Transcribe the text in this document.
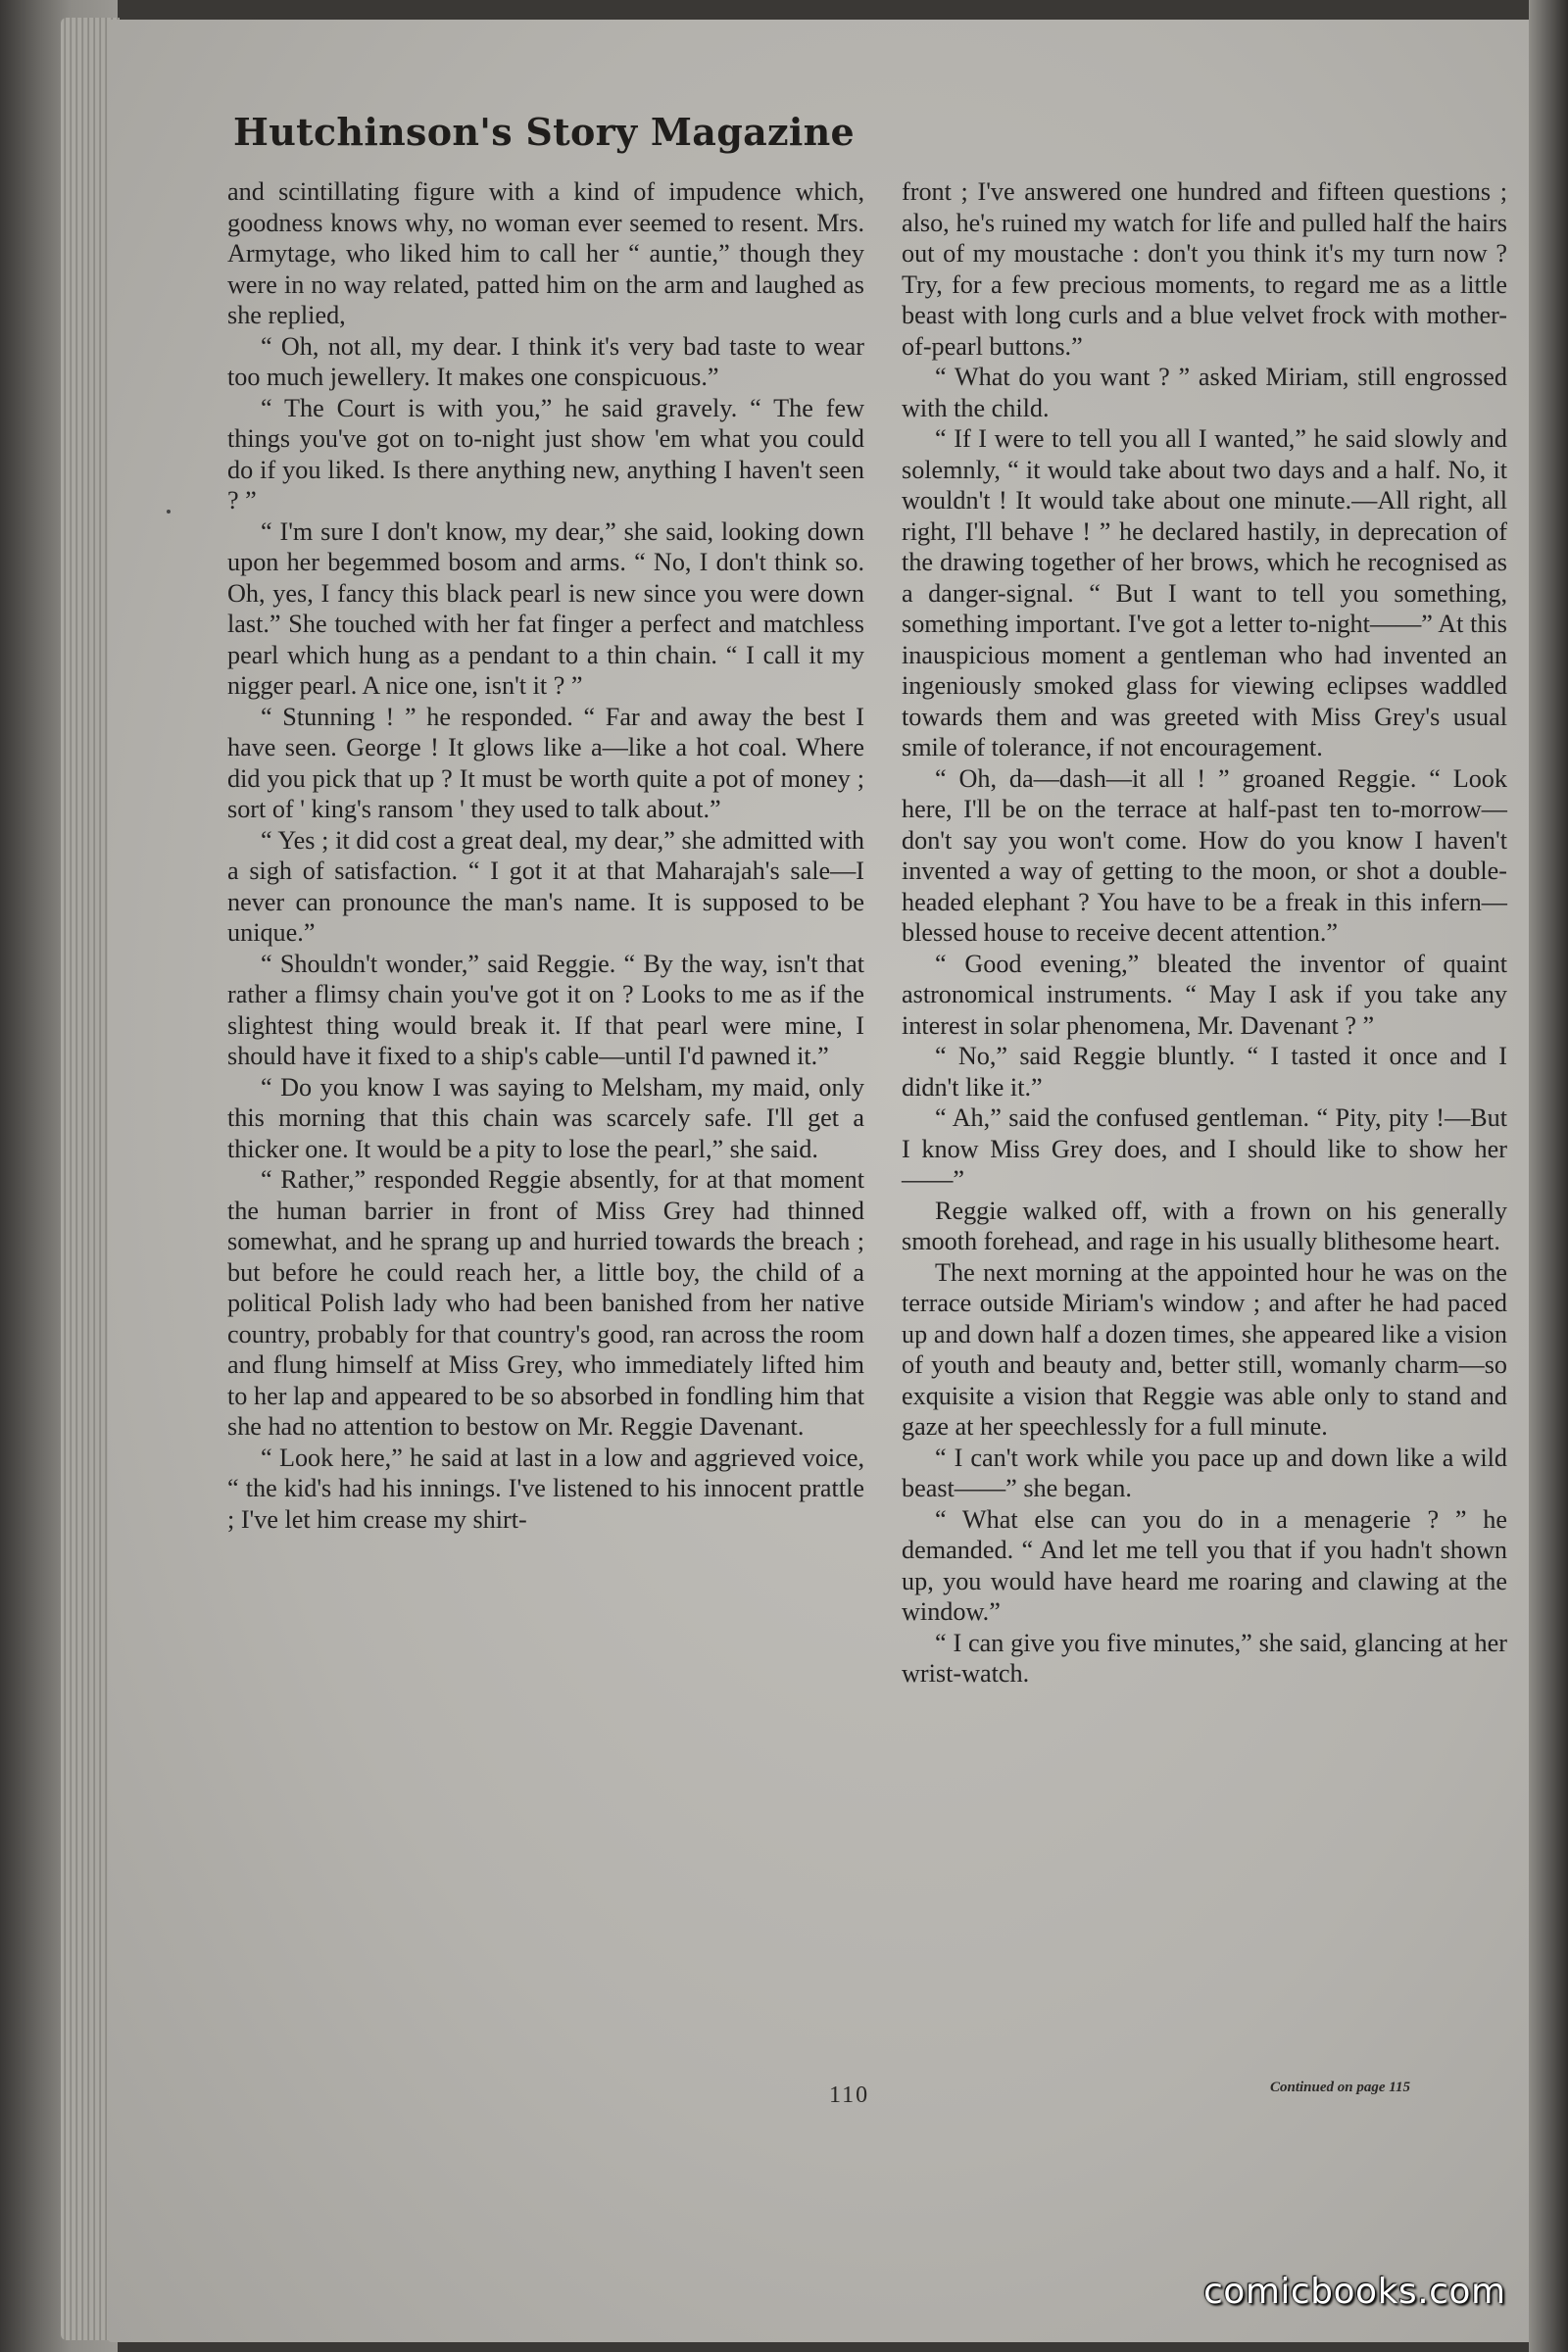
Hutchinson's Story Magazine

and scintillating figure with a kind of impudence which, goodness knows why, no woman ever seemed to resent. Mrs. Armytage, who liked him to call her “ auntie,” though they were in no way related, patted him on the arm and laughed as she replied,

“ Oh, not all, my dear. I think it's very bad taste to wear too much jewellery. It makes one conspicuous.”

“ The Court is with you,” he said gravely. “ The few things you've got on to-night just show 'em what you could do if you liked. Is there anything new, anything I haven't seen ? ”

“ I'm sure I don't know, my dear,” she said, looking down upon her begemmed bosom and arms. “ No, I don't think so. Oh, yes, I fancy this black pearl is new since you were down last.” She touched with her fat finger a perfect and matchless pearl which hung as a pendant to a thin chain. “ I call it my nigger pearl. A nice one, isn't it ? ”

“ Stunning ! ” he responded. “ Far and away the best I have seen. George ! It glows like a—like a hot coal. Where did you pick that up ? It must be worth quite a pot of money ; sort of ' king's ransom ' they used to talk about.”

“ Yes ; it did cost a great deal, my dear,” she admitted with a sigh of satisfaction. “ I got it at that Maharajah's sale—I never can pronounce the man's name. It is supposed to be unique.”

“ Shouldn't wonder,” said Reggie. “ By the way, isn't that rather a flimsy chain you've got it on ? Looks to me as if the slightest thing would break it. If that pearl were mine, I should have it fixed to a ship's cable—until I'd pawned it.”

“ Do you know I was saying to Melsham, my maid, only this morning that this chain was scarcely safe. I'll get a thicker one. It would be a pity to lose the pearl,” she said.

“ Rather,” responded Reggie absently, for at that moment the human barrier in front of Miss Grey had thinned somewhat, and he sprang up and hurried towards the breach ; but before he could reach her, a little boy, the child of a political Polish lady who had been banished from her native country, probably for that country's good, ran across the room and flung himself at Miss Grey, who immediately lifted him to her lap and appeared to be so absorbed in fondling him that she had no attention to bestow on Mr. Reggie Davenant.

“ Look here,” he said at last in a low and aggrieved voice, “ the kid's had his innings. I've listened to his innocent prattle ; I've let him crease my shirt-

front ; I've answered one hundred and fifteen questions ; also, he's ruined my watch for life and pulled half the hairs out of my moustache : don't you think it's my turn now ? Try, for a few precious moments, to regard me as a little beast with long curls and a blue velvet frock with mother-of-pearl buttons.”

“ What do you want ? ” asked Miriam, still engrossed with the child.

“ If I were to tell you all I wanted,” he said slowly and solemnly, “ it would take about two days and a half. No, it wouldn't ! It would take about one minute.—All right, all right, I'll behave ! ” he declared hastily, in deprecation of the drawing together of her brows, which he recognised as a danger-signal. “ But I want to tell you something, something important. I've got a letter to-night——” At this inauspicious moment a gentleman who had invented an ingeniously smoked glass for viewing eclipses waddled towards them and was greeted with Miss Grey's usual smile of tolerance, if not encouragement.

“ Oh, da—dash—it all ! ” groaned Reggie. “ Look here, I'll be on the terrace at half-past ten to-morrow—don't say you won't come. How do you know I haven't invented a way of getting to the moon, or shot a double-headed elephant ? You have to be a freak in this infern—blessed house to receive decent attention.”

“ Good evening,” bleated the inventor of quaint astronomical instruments. “ May I ask if you take any interest in solar phenomena, Mr. Davenant ? ”

“ No,” said Reggie bluntly. “ I tasted it once and I didn't like it.”

“ Ah,” said the confused gentleman. “ Pity, pity !—But I know Miss Grey does, and I should like to show her——”

Reggie walked off, with a frown on his generally smooth forehead, and rage in his usually blithesome heart.

The next morning at the appointed hour he was on the terrace outside Miriam's window ; and after he had paced up and down half a dozen times, she appeared like a vision of youth and beauty and, better still, womanly charm—so exquisite a vision that Reggie was able only to stand and gaze at her speechlessly for a full minute.

“ I can't work while you pace up and down like a wild beast——” she began.

“ What else can you do in a menagerie ? ” he demanded. “ And let me tell you that if you hadn't shown up, you would have heard me roaring and clawing at the window.”

“ I can give you five minutes,” she said, glancing at her wrist-watch.

110	Continued on page 115
comicbooks.com
